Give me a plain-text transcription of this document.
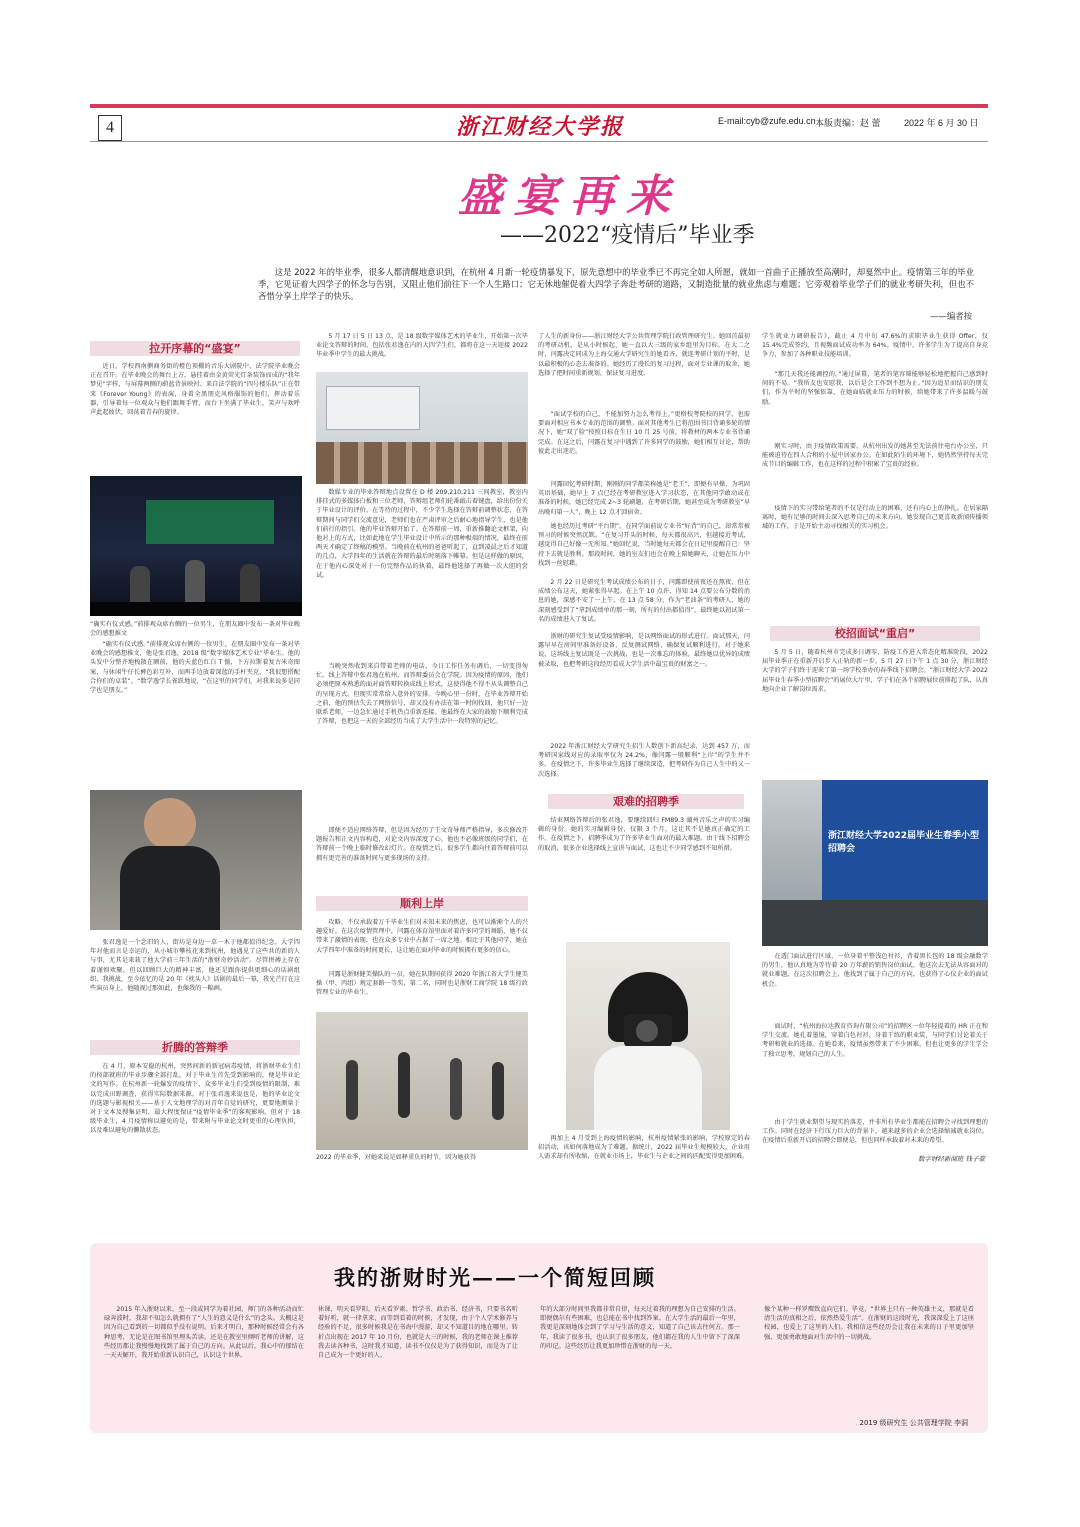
4	浙江财经大学报	E-mail:cyb@zufe.edu.cn 本版责编：赵 蕾	2022 年 6 月 30 日
盛宴再来
——2022“疫情后”毕业季
这是 2022 年的毕业季，很多人都清醒地意识到，在杭州 4 月新一轮疫情暴发下，原先意想中的毕业季已不再完全如人所愿，就如一首曲子正播放至高潮时，却戛然中止。疫情第三年的毕业季，它见证着大四学子的怀念与告别，又阻止他们前往下一个人生路口；它无休地催促着大四学子奔赴考研的道路，又制造批量的就业焦虑与难题；它旁观着毕业学子们的就业考研失利，但也不吝惜分享上岸学子的快乐。
——编者按
拉开序幕的“盛宴”
近日，学校西南侧商务街的橙色顶棚的音乐大剧院中，法学院毕业晚会正在召开。在毕业晚会的舞台上方，悬挂着由金黄荧光灯条装饰而成的“我年梦见”字样，与屏幕两侧的蔚蓝背景映衬。来自法学院的“四号楼乐队”正在带来《Forever Young》的表演，身着全黑朋克风格服饰的他们，挥动着乐器，引导着每一位观众与他们跟舞手臂，而台下坐满了毕业生，笑声与欢呼声此起彼伏，回荡着青春的旋律。
“确实有仪式感。”前排观众席右侧的一位男生，在朋友圈中发布一条对毕业晚会的感想推文
“确实有仪式感。”前排观众席右侧的一位男生，在朋友圈中发布一条对毕业晚会的感想推文，他是张君逸，2018 级“数字媒体艺术专业”毕业生。他的头发中分整齐地梳散在额前，他的天蓝色红白 T 恤，下方拉斯着复古米奇图案，与休闲牛仔长裤色彩互补，而两手边放着深蓝的手杆夹克，“我很想搭配合你们的卓装”，“数学逸学长雀跃地说，“在这里的同学们，对我来说多是同学也是朋友。”
张君逸是一个念旧的人，街坊是身边一草一木于他都值得纪念。大学四年对他而言是幸运的，从小城市攀枝花来到杭州，他遇见了这些共的新的人与事，尤其是来栽了他大学前三年生活的“浙财奇妙活动”。尽管拼搏上存在着谨慎欢聚，但以回顾巨大的精神丰富，他还是跟你提供更细心的话剧组织、我挑战，至今依忆的是 20 年《枕头人》话剧的最后一幕，我光芒打在这些演员身上，他随视过那如此，也像我的一幅画。
折腾的答辩季
在 4 月，原本安稳的杭州，突然间新的新冠病毒疫情，将浙财毕业生们的按部就班的毕业步骤全部打乱。对于毕业生首先受到影响的，便是毕业论文的写作。在杭州新一轮爆发的疫情下，众多毕业生们受到疫情的限制，难以完成田野调查，获得实际数据来源。对于张君逸来说也是，他的毕业论文的选题与影视相关——基于人文地理学的对青年自觉的研究，更要地测量于对于文本及搜集证明，最大程度保证“疫情毕业季”的客观影响。但对于 18 级毕业生，4 月疫情称以避免的是，带来附与毕业论文时更重的心理负担，以及难以避免的懒散状态。
5 月 17 日 5 日 13 点，是 18 级数字媒体艺术的毕业生，开始第一次毕业论文答辩的时间，包括张君逸在内的大四学生们，都将在这一天迎接 2022 毕业季中学生的最大挑战。
数媒专业的毕业答辩地点设置在 D 楼 209,210,211 三间教室，教室内排挂式的多媒体白板和三位老师，答辩组老师们轮番敲击着键盘，给出份份关于毕业设计的评价。在等待的过程中，不少学生选择在答辩前调整状态，在答辩期间与同学们交流意见，老师们也在严肃评审之后耐心地指导学生，也是他们前行的指引。他的毕业答辩开始了。在答辩前一周，重新推翻论文框架，向他对上的方式，比如此地在学生毕业设计中所示的那种极端的情况，最终在前两天才确定了终稿的模型。当晚前在杭州的爸爸听起了，直到凌晨之后才知道的几点，大学四年的生活就在答辩的最后时刻落下帷幕。但是这样做的原因，在于他内心深处对于一份完整作品的执着，最终他选择了再做一次大胆的尝试。
当晚突然收到来自带着老师的电话，今日工作任务有调后，一切变得匆忙。线上答辩中张君逸在杭州，而答辩委员会在学院。因为疫情的原因，他们必须把原本熟悉的面对面答辩转换成线上形式，这使得他不得不从头调整自己的呈现方式。但现实常常给人意外的安排。今晚心里一份时，在毕业答辩开始之前，他的预估失去了网络信号，却又没有办法在第一时间找回，他只好一边联系老师，一边急忙通过手机热点重新连接。他最终在大家的鼓励下顺利完成了答辩，也把这一天的全部经历当成了大学生活中一段特别的记忆。
即便不适应网络答辩，但是因为经历了王文奇导师严格指导，多次修改开题报告和正文内容构造，对论文内容深度了心。他也不必像班级的同学们，在答辩前一个晚上临时修改幻灯片。在疫情之后，很多学生都向往着答辩前可以拥有更完善的准备时间与更多现场的支持。
顺利上岸
攻略，不仅承载着万千毕业生们对未知未来的焦虑，也可以渐渐个人的兴趣爱好。在这次疫情管理中，闫露在体育馆里面对着许多同学的舞蹈，她不仅带来了激情的表现，也在众多专业中占据了一席之地。相比于其他同学，她在大学四年中准备的时间更长，这让她在面对毕业的时候拥有更多的信心。
闫露是浙财健美操队的一员，她在队期间获得 2020 年浙江省大学生健美操（甲、丙组）规定套路一等奖，第二名，同时也是浙财工商学院 18 级行政管理专业的毕业生。
2022 的毕业季，对她来说是如释重负的时节，因为她获得
了人生的新身份——浙江财经大学公共管理学院行政管理研究生。她回首最初的考研动机，是从小时候起，她一直以大三级的家乡组里为目标。在大二之时，闫露决定同成为上海交通大学研究生的她看齐，就连考研计划的平时，是以最积极的心态去准备的。她经历了漫长的复习过程，面对专业课的取舍，她选择了把时间重新规划，保证复习进度。
“面试学校的自己，不能加努力怎么考得上。”更格校考院校的同学，也需要面对相应书本专业的范围的调整。面对其他考生已将范围书目背诵多轮的情况下，她“双了脸”按照日标在生日 10 月 25 号前，将教材的两本专业书背诵完成。在这之后，闫露在复习中遇到了许多同学的鼓励，她们相互讨论，帮助彼此走出迷茫。
闫露回忆考研时期，刚刚的同学都笑称她是“老王”，即便有早操，为巩固英语基础，她早上 7 点已经在考研教室进入学习状态，在其他同学敢动或在准备的时候，她已经完成 2~3 轮刷题，在考研后期，她甚至成为考研教室“早出晚归第一人”，晚上 12 点才回宿舍。
她也经历过考研“平台期”。在同学面前说专业书“好背”的自己，却常常被预习的时候突然沉默。“在复习开头的时候，每天都很高兴，但越接近考试，越觉得自己好像一无所知。”她回忆说，当时她每天都会在日记里提醒自己：坚持下去就是胜利。那段时间，她的室友们也会在晚上陪她聊天，让她在压力中找到一丝慰藉。
2 月 22 日是研究生考试成绩公布的日子，闫露即使前夜还在熬夜，但在成绩公布这天，她紧张得早起。在上午 10 点许，得知 14 点要公布分数的消息的她，深感不安了一上午，在 13 点 58 分，作为“老油条”的考研人，她的深刻感受到了“拿到成绩单的那一刻，所有的付出都值得”，最终她以初试第一名的成绩进入了复试。
浙财的研究生复试受疫情影响，是以网络面试的形式进行。面试那天，闫露早早在房间里准备好设备，反复测试网络，确保复试顺利进行。对于她来说，这场线上复试既是一次挑战，也是一次难忘的体验。最终她以优异的成绩被录取，也把考研这段经历看成大学生活中最宝贵的财富之一。
2022 年浙江财经大学研究生招生人数创下新高纪录，达到 457 万，而考研国家线对应的录取率仅为 24.2%，像闫露一般顺利“上岸”的学生并不多。在疫情之下，许多毕业生选择了继续深造，把考研作为自己人生中的又一次选择。
艰难的招聘季
结束网络答辩后的张君逸，要继续回归 FM89.3 湖州音乐之声的实习编辑的身份。她的实习编辑身份，仅限 3 个月，这让其不是她真正确定的工作。在疫情之下，招聘季成为了许多毕业生面对的最大难题。由于线下招聘会的取消，很多企业选择线上宣讲与面试，这也让不少同学感到不知所措。
再加上 4 月受到上海疫情的影响，杭州疫情紧张的影响，学校原定的春招活动，该如何落地成为了难题。据统计，2022 届毕业生规模较大，企业用人需求却有所收缩，在就业市场上，毕业生与企业之间的匹配变得更加困难。
学生就业力调研报告》，截止 4 月中旬 47.6%的求职毕业生获得 Offer，仅 15.4%完成签约，且视频面试成功率为 64%。疫情中，许多学生为了提高自身竞争力，参加了各种职业技能培训。
“那几天我还能调控的。”通过屏幕，笔者的笔容筛能够轻松地把握自己感到时间的不易。“我所友也安慰我，以后是会工作到不想为止。”因为追星而结识的朋友们，作为平时的坚强依靠，在她面临就业压力的时候，给她带来了许多温暖与鼓励。
刚实习时，由于疫情政策需要，从杭州出发的她甚至无法前往电台办公室，只能被迫待在四人合租的小屋中居家办公。在如此陌生的环境下，她仍然坚持每天完成节目的编辑工作，也在这样的过程中积累了宝贵的经验。
疫情下的实习带给笔者的不仅是行动上的困难，还有内心上的挣扎。在居家隔离时，她有足够的时间去深入思考自己的未来方向。她发现自己更喜欢新闻传播领域的工作，于是开始主动寻找相关的实习机会。
校招面试“重启”
5 月 5 日，随着杭州市完成多日调零，防疫工作进入常态化精准阶段，2022 届毕业季正在重新开启步入正轨的新一步。5 月 27 日下午 1 点 30 分，浙江财经大学的学子们终于迎来了第一场学校举办的春季线下招聘会。“浙江财经大学 2022 届毕业生春季小型招聘会”的展位大厅里，学子们在各个招聘展位前排起了队，认真地向企业了解岗位需求。
浙江财经大学2022届毕业生春季小型招聘会
在透门面试进行区域，一位身着平整浅色衬衫，背着黑长包的 18 级金融数学的男生，他认真地为等待着 20 万年薪的销售岗位面试。他这次去无法从容面对的就业难题，在这次招聘会上，他找到了属于自己的方向，也获得了心仪企业的面试机会。
面试时，“杭州海拉达教育咨询有限公司”的招聘区一位年轻提着的 HR 正在和学生交流。她孔着墨镜，穿着白色衬衫，身着干练的职业装，与同学们讨论着关于考研和就业的选择。在她看来，疫情虽然带来了不少困难，但也让更多的学生学会了独立思考，规划自己的人生。
由于学生就业期望与现实的落差，并非所有毕业生都能在招聘会寻找到理想的工作。同时在经济下行压力巨大的背景下，越来越多的企业会选择缩减就业岗位。在疫情后重新开启的招聘会即便是，但也同样承载着对未来的希望。
数字财经新闻班 钱子豪
我的浙财时光——一个简短回顾
2015 年入浙财以来，至一段或同学为着社园，师门的各种活动而忙碌奔波时，我却不知怎么就拥有了“人生的意义是什么”的念头。大概这是因为自己看到的一切都似乎没有说明。后来才明白，那种时候经常会有各种思考，无论是在图书馆里埋头苦读，还是在教室里倾听老师的讲解，这些经历都让我慢慢地找到了属于自己的方向。从此以后，我心中的郁结在一天天解开，我开始重新认识自己，认识这个世界。
休课，明天看罗阳，后天看罗素。哲学书、政治书、经济书，只要书名听着好听，就一律拿来，而等到看着的时候，才发现，由于个人学术修养与经验的不足，很多时候我是在书海中漫游，却又不知道目的地在哪里。转折点出现在 2017 年 10 月份，也就是大三的时候，我的老师在课上推荐我去读各种书，这时我才知道，读书不仅仅是为了获得知识，而是为了让自己成为一个更好的人。
年的大部分时间里我都非常自律，每天过着我的理想为自己安排的生活。即便偶尔有些困难，也总能在书中找到答案。在大学生活的最后一年里，我更是深刻地体会到了学习与生活的意义，知道了自己该去往何方。那一年，我读了很多书，也认识了很多朋友，他们都在我的人生中留下了深深的印记。这些经历让我更加珍惜在浙财的每一天。
像个某种一样罗鹰致直向它们。毕竟，“世界上只有一种英雄主义，那就是看清生活的真相之后，依然热爱生活”。在浙财的这段时光，我深深爱上了这座校园，也爱上了这里的人们。我相信这些经历会让我在未来的日子里更加坚强、更加勇敢地面对生活中的一切挑战。
2019 级研究生 公共管理学院 李洞
